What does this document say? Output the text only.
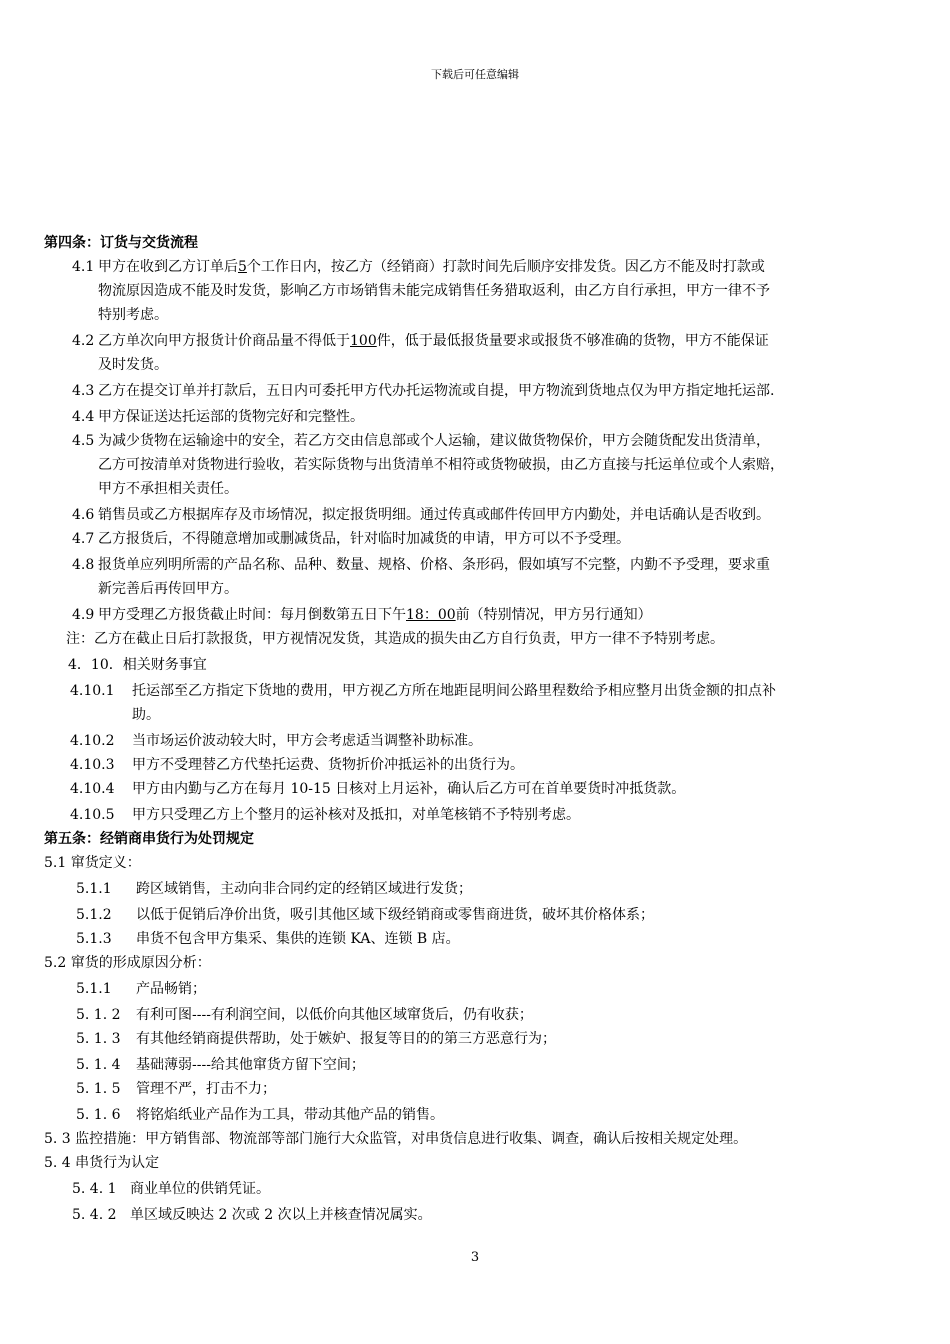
下载后可任意编辑
第四条：订货与交货流程
4.1 甲方在收到乙方订单后5个工作日内，按乙方（经销商）打款时间先后顺序安排发货。因乙方不能及时打款或
物流原因造成不能及时发货，影响乙方市场销售未能完成销售任务猎取返利，由乙方自行承担，甲方一律不予
特别考虑。
4.2 乙方单次向甲方报货计价商品量不得低于100件，低于最低报货量要求或报货不够准确的货物，甲方不能保证
及时发货。
4.3 乙方在提交订单并打款后，五日内可委托甲方代办托运物流或自提，甲方物流到货地点仅为甲方指定地托运部.
4.4 甲方保证送达托运部的货物完好和完整性。
4.5 为减少货物在运输途中的安全，若乙方交由信息部或个人运输，建议做货物保价，甲方会随货配发出货清单，
乙方可按清单对货物进行验收，若实际货物与出货清单不相符或货物破损，由乙方直接与托运单位或个人索赔，
甲方不承担相关责任。
4.6 销售员或乙方根据库存及市场情况，拟定报货明细。通过传真或邮件传回甲方内勤处，并电话确认是否收到。
4.7 乙方报货后，不得随意增加或删减货品，针对临时加减货的申请，甲方可以不予受理。
4.8 报货单应列明所需的产品名称、品种、数量、规格、价格、条形码，假如填写不完整，内勤不予受理，要求重
新完善后再传回甲方。
4.9 甲方受理乙方报货截止时间：每月倒数第五日下午18：00前（特别情况，甲方另行通知）
注：乙方在截止日后打款报货，甲方视情况发货，其造成的损失由乙方自行负责，甲方一律不予特别考虑。
4．10．相关财务事宜
4.10.1 托运部至乙方指定下货地的费用，甲方视乙方所在地距昆明间公路里程数给予相应整月出货金额的扣点补
助。
4.10.2 当市场运价波动较大时，甲方会考虑适当调整补助标准。
4.10.3 甲方不受理替乙方代垫托运费、货物折价冲抵运补的出货行为。
4.10.4 甲方由内勤与乙方在每月 10-15 日核对上月运补，确认后乙方可在首单要货时冲抵货款。
4.10.5 甲方只受理乙方上个整月的运补核对及抵扣，对单笔核销不予特别考虑。
第五条：经销商串货行为处罚规定
5.1 窜货定义：
5.1.1 跨区域销售，主动向非合同约定的经销区域进行发货；
5.1.2 以低于促销后净价出货，吸引其他区域下级经销商或零售商进货，破坏其价格体系；
5.1.3 串货不包含甲方集采、集供的连锁 KA、连锁 B 店。
5.2 窜货的形成原因分析：
5.1.1 产品畅销；
5. 1. 2 有利可图----有利润空间，以低价向其他区域窜货后，仍有收获；
5. 1. 3 有其他经销商提供帮助，处于嫉妒、报复等目的的第三方恶意行为；
5. 1. 4 基础薄弱----给其他窜货方留下空间；
5. 1. 5 管理不严，打击不力；
5. 1. 6 将铭焰纸业产品作为工具，带动其他产品的销售。
5. 3 监控措施：甲方销售部、物流部等部门施行大众监管，对串货信息进行收集、调查，确认后按相关规定处理。
5. 4 串货行为认定
5. 4. 1 商业单位的供销凭证。
5. 4. 2 单区域反映达 2 次或 2 次以上并核查情况属实。
3
